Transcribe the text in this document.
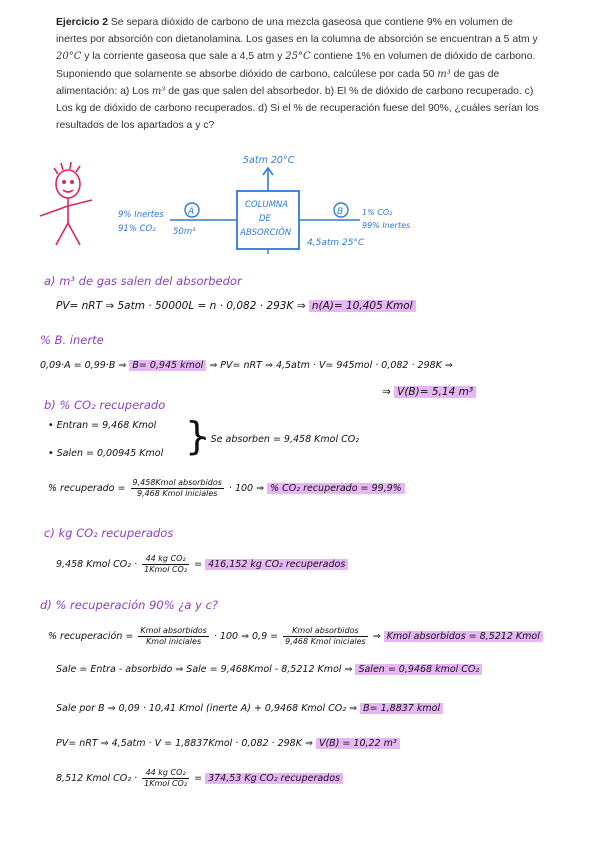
Ejercicio 2 Se separa dióxido de carbono de una mezcla gaseosa que contiene 9% en volumen de inertes por absorción con dietanolamina. Los gases en la columna de absorción se encuentran a 5 atm y 20°C y la corriente gaseosa que sale a 4,5 atm y 25°C contiene 1% en volumen de dióxido de carbono. Suponiendo que solamente se absorbe dióxido de carbono, calcúlese por cada 50 m³ de gas de alimentación: a) Los m³ de gas que salen del absorbedor. b) El % de dióxido de carbono recuperado. c) Los kg de dióxido de carbono recuperados. d) Si el % de recuperación fuese del 90%, ¿cuáles serían los resultados de los apartados a y c?
5atm 20°C
COLUMNA
DE
ABSORCIÓN
9% Inertes
91% CO₂ 50m³
A	B 1% CO₂
99% Inertes
4,5atm 25°C
a) m³ de gas salen del absorbedor
PV= nRT ⇒ 5atm · 50000L = n · 0,082 · 293K ⇒ n(A)= 10,405 Kmol
% B. inerte
0,09·A = 0,99·B ⇒ B= 0,945 kmol ⇒ PV= nRT ⇒ 4,5atm · V= 945mol · 0,082 · 298K ⇒
⇒ V(B)= 5,14 m³
b) % CO₂ recuperado
• Entran = 9,468 Kmol
• Salen = 0,00945 Kmol }
• Se absorben = 9,458 Kmol CO₂
% recuperado = $\frac{\text{9,458Kmol absorbidos}}{\text{9,468 Kmol iniciales}} \cdot 100$ ⇒ % CO₂ recuperado = 99,9%
c) kg CO₂ recuperados
9,458 Kmol $CO_2 \cdot \frac{\text{44 kg CO₂}}{\text{1Kmol CO₂}} = 416,152$ kg CO₂ recuperados
d) % recuperación 90% ¿a y c?
% recuperación = $\frac{\text{Kmol absorbidos}}{\text{Kmol iniciales}} \cdot 100$ ⇒ $0,9 = \frac{\text{Kmol absorbidos}}{\text{9,468 Kmol iniciales}}$ ⇒ Kmol absorbidos = 8,5212 Kmol
Sale = Entra - absorbido ⇒ Sale = 9,468Kmol - 8,5212 Kmol ⇒ Salen = 0,9468 kmol CO₂
Sale por B ⇒ 0,09 · 10,41 Kmol (inerte A) + 0,9468 Kmol CO₂ ⇒ B= 1,8837 kmol
PV= nRT ⇒ 4,5atm · V = 1,8837Kmol · 0,082 · 298K ⇒ V(B) = 10,22 m³
8,512 Kmol $CO_2 \cdot \frac{\text{44 kg CO₂}}{\text{1Kmol CO₂}} = 374,53$ Kg CO₂ recuperados
